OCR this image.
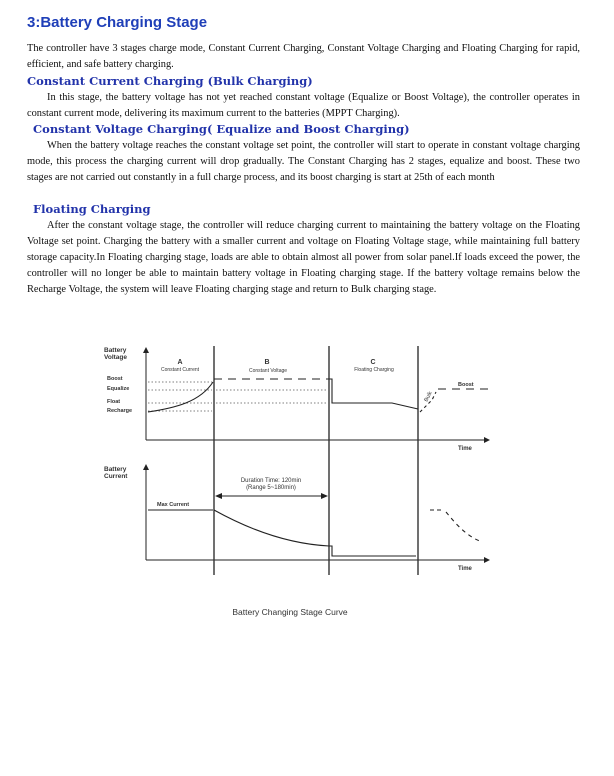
3:Battery Charging Stage

The controller have 3 stages charge mode, Constant Current Charging, Constant Voltage Charging and Floating Charging for rapid, efficient, and safe battery charging.

Constant Current Charging (Bulk Charging)

In this stage, the battery voltage has not yet reached constant voltage (Equalize or Boost Voltage), the controller operates in constant current mode, delivering its maximum current to the batteries (MPPT Charging).

Constant Voltage Charging( Equalize and Boost Charging)

When the battery voltage reaches the constant voltage set point, the controller will start to operate in constant voltage charging mode, this process the charging current will drop gradually. The Constant Charging has 2 stages, equalize and boost. These two stages are not carried out constantly in a full charge process, and its boost charging is start at 25th of each month

Floating Charging

After the constant voltage stage, the controller will reduce charging current to maintaining the battery voltage on the Floating Voltage set point. Charging the battery with a smaller current and voltage on Floating Voltage stage, while maintaining full battery storage capacity.In Floating charging stage, loads are able to obtain almost all power from solar panel.If loads exceed the power, the controller will no longer be able to maintain battery voltage in Floating charging stage. If the battery voltage remains below the Recharge Voltage, the system will leave Floating charging stage and return to Bulk charging stage.

Battery
Voltage
A
Constant Current
B
Constant Voltage
C
Floating Charging
Boost
Equalize
Float
Recharge
Bulk
Boost
Time
Battery
Current
Duration Time: 120min
(Range 5~180min)
Max Current
Time
Battery Changing Stage Curve
